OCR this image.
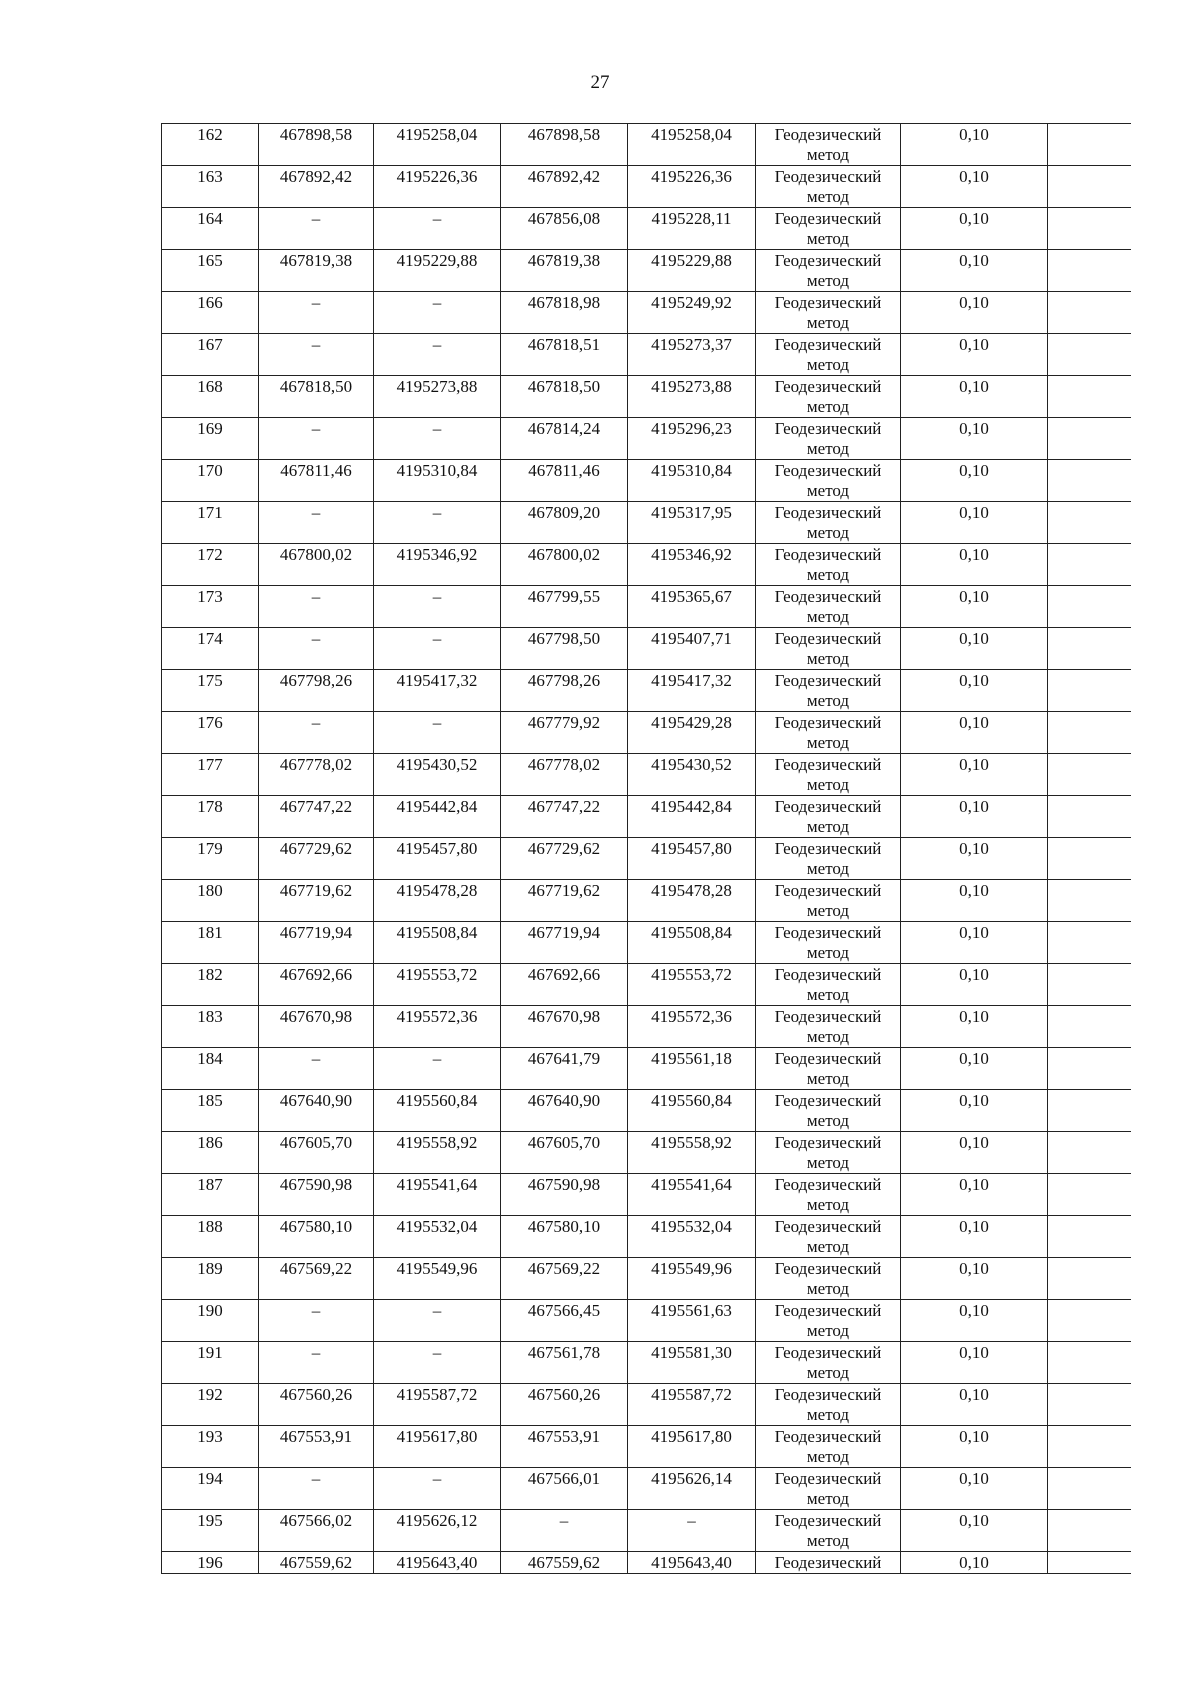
27
162	467898,58	4195258,04	467898,58	4195258,04	Геодезический
метод	0,10	
163	467892,42	4195226,36	467892,42	4195226,36	Геодезический
метод	0,10	
164	–	–	467856,08	4195228,11	Геодезический
метод	0,10	
165	467819,38	4195229,88	467819,38	4195229,88	Геодезический
метод	0,10	
166	–	–	467818,98	4195249,92	Геодезический
метод	0,10	
167	–	–	467818,51	4195273,37	Геодезический
метод	0,10	
168	467818,50	4195273,88	467818,50	4195273,88	Геодезический
метод	0,10	
169	–	–	467814,24	4195296,23	Геодезический
метод	0,10	
170	467811,46	4195310,84	467811,46	4195310,84	Геодезический
метод	0,10	
171	–	–	467809,20	4195317,95	Геодезический
метод	0,10	
172	467800,02	4195346,92	467800,02	4195346,92	Геодезический
метод	0,10	
173	–	–	467799,55	4195365,67	Геодезический
метод	0,10	
174	–	–	467798,50	4195407,71	Геодезический
метод	0,10	
175	467798,26	4195417,32	467798,26	4195417,32	Геодезический
метод	0,10	
176	–	–	467779,92	4195429,28	Геодезический
метод	0,10	
177	467778,02	4195430,52	467778,02	4195430,52	Геодезический
метод	0,10	
178	467747,22	4195442,84	467747,22	4195442,84	Геодезический
метод	0,10	
179	467729,62	4195457,80	467729,62	4195457,80	Геодезический
метод	0,10	
180	467719,62	4195478,28	467719,62	4195478,28	Геодезический
метод	0,10	
181	467719,94	4195508,84	467719,94	4195508,84	Геодезический
метод	0,10	
182	467692,66	4195553,72	467692,66	4195553,72	Геодезический
метод	0,10	
183	467670,98	4195572,36	467670,98	4195572,36	Геодезический
метод	0,10	
184	–	–	467641,79	4195561,18	Геодезический
метод	0,10	
185	467640,90	4195560,84	467640,90	4195560,84	Геодезический
метод	0,10	
186	467605,70	4195558,92	467605,70	4195558,92	Геодезический
метод	0,10	
187	467590,98	4195541,64	467590,98	4195541,64	Геодезический
метод	0,10	
188	467580,10	4195532,04	467580,10	4195532,04	Геодезический
метод	0,10	
189	467569,22	4195549,96	467569,22	4195549,96	Геодезический
метод	0,10	
190	–	–	467566,45	4195561,63	Геодезический
метод	0,10	
191	–	–	467561,78	4195581,30	Геодезический
метод	0,10	
192	467560,26	4195587,72	467560,26	4195587,72	Геодезический
метод	0,10	
193	467553,91	4195617,80	467553,91	4195617,80	Геодезический
метод	0,10	
194	–	–	467566,01	4195626,14	Геодезический
метод	0,10	
195	467566,02	4195626,12	–	–	Геодезический
метод	0,10	
196	467559,62	4195643,40	467559,62	4195643,40	Геодезический	0,10	
